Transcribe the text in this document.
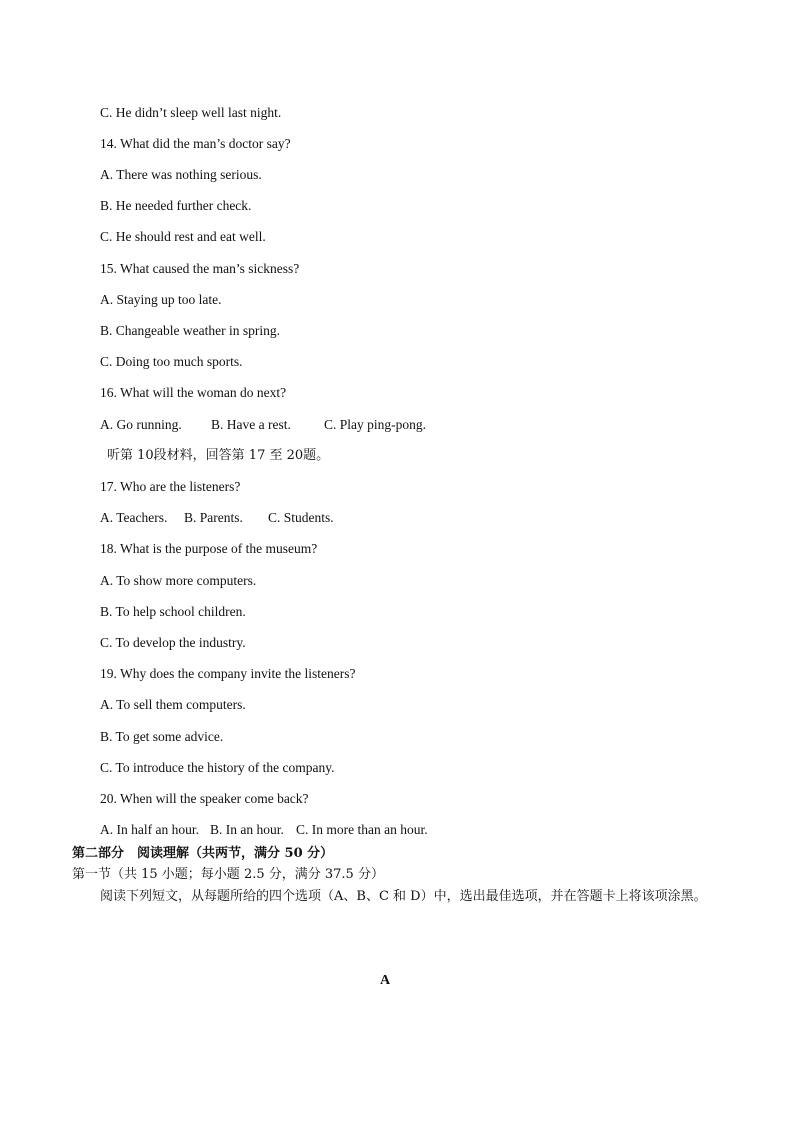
C. He didn’t sleep well last night.
14. What did the man’s doctor say?
A. There was nothing serious.
B. He needed further check.
C. He should rest and eat well.
15. What caused the man’s sickness?
A. Staying up too late.
B. Changeable weather in spring.
C. Doing too much sports.
16. What will the woman do next?
A. Go running. B. Have a rest. C. Play ping-pong.
听第 10段材料，回答第 17 至 20题。
17. Who are the listeners?
A. Teachers. B. Parents. C. Students.
18. What is the purpose of the museum?
A. To show more computers.
B. To help school children.
C. To develop the industry.
19. Why does the company invite the listeners?
A. To sell them computers.
B. To get some advice.
C. To introduce the history of the company.
20. When will the speaker come back?
A. In half an hour. B. In an hour. C. In more than an hour.
第二部分　阅读理解（共两节，满分 50 分）
第一节（共 15 小题；每小题 2.5 分，满分 37.5 分）
阅读下列短文，从每题所给的四个选项（A、B、C 和 D）中，选出最佳选项，并在答题卡上将该项涂黑。
A
